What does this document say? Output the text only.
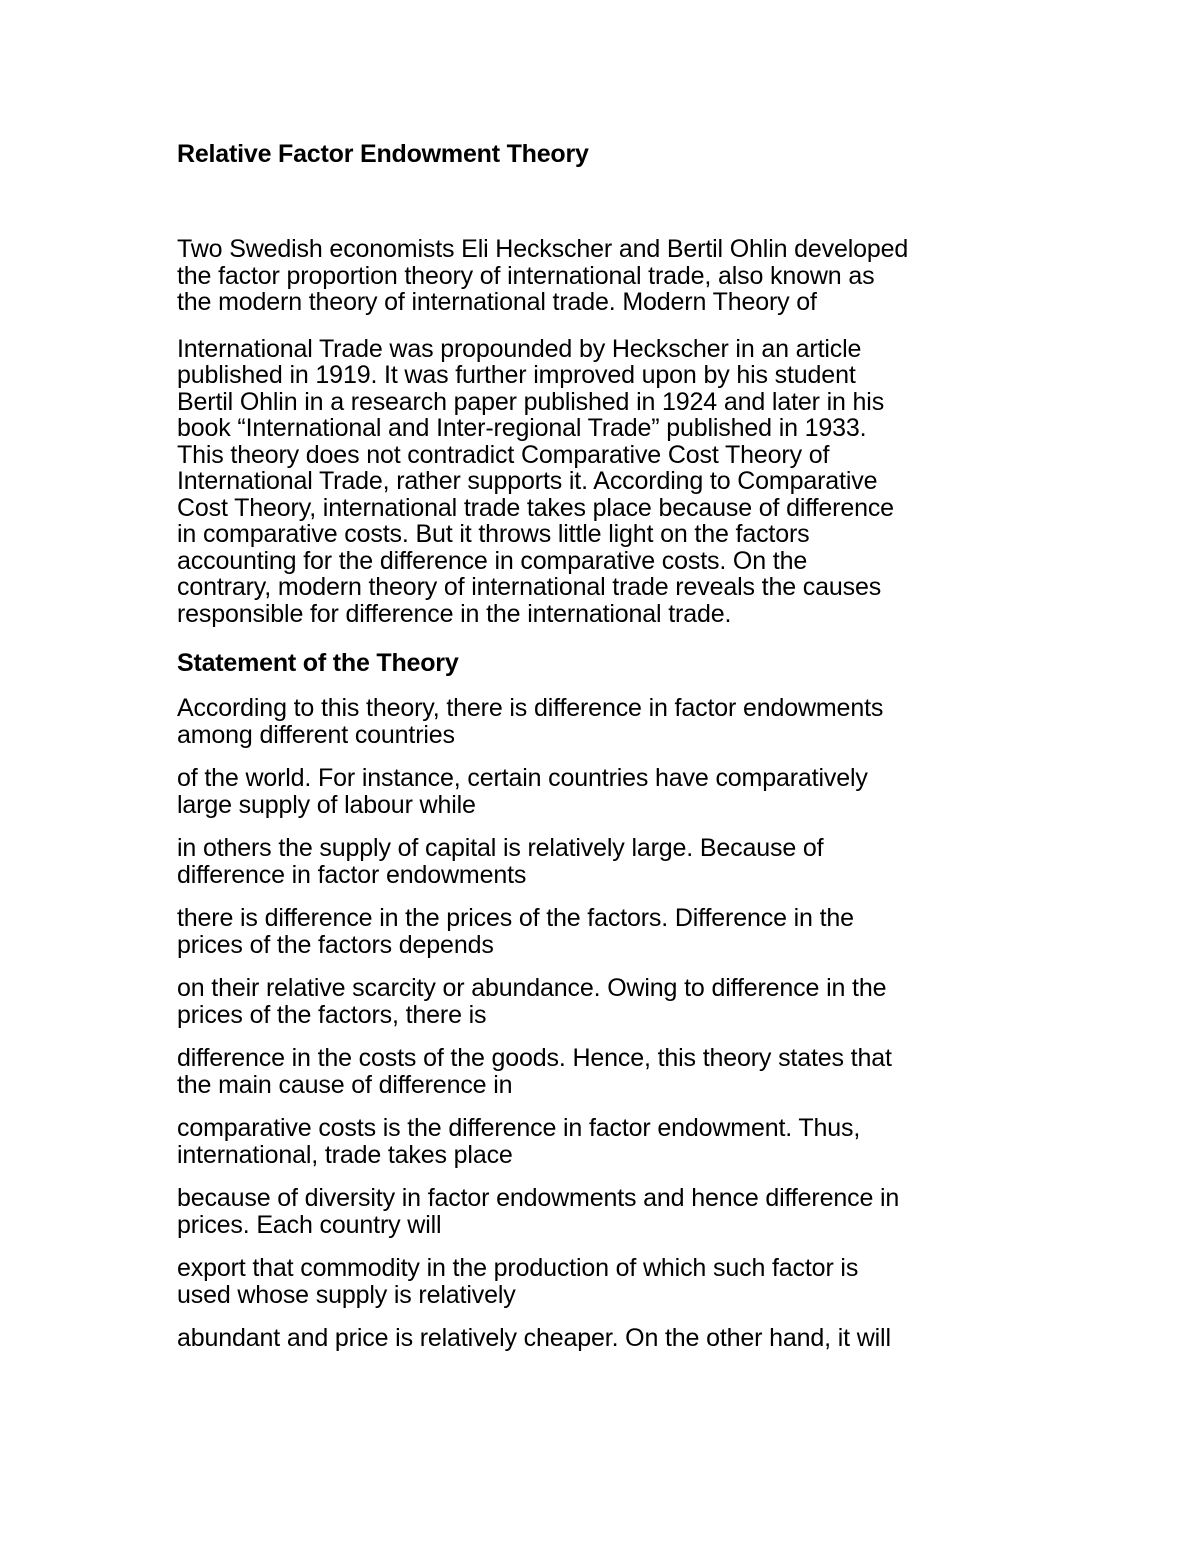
Relative Factor Endowment Theory

Two Swedish economists Eli Heckscher and Bertil Ohlin developed
the factor proportion theory of international trade, also known as
the modern theory of international trade. Modern Theory of

International Trade was propounded by Heckscher in an article
published in 1919. It was further improved upon by his student
Bertil Ohlin in a research paper published in 1924 and later in his
book “International and Inter-regional Trade” published in 1933.
This theory does not contradict Comparative Cost Theory of
International Trade, rather supports it. According to Comparative
Cost Theory, international trade takes place because of difference
in comparative costs. But it throws little light on the factors
accounting for the difference in comparative costs. On the
contrary, modern theory of international trade reveals the causes
responsible for difference in the international trade.

Statement of the Theory

According to this theory, there is difference in factor endowments
among different countries

of the world. For instance, certain countries have comparatively
large supply of labour while

in others the supply of capital is relatively large. Because of
difference in factor endowments

there is difference in the prices of the factors. Difference in the
prices of the factors depends

on their relative scarcity or abundance. Owing to difference in the
prices of the factors, there is

difference in the costs of the goods. Hence, this theory states that
the main cause of difference in

comparative costs is the difference in factor endowment. Thus,
international, trade takes place

because of diversity in factor endowments and hence difference in
prices. Each country will

export that commodity in the production of which such factor is
used whose supply is relatively

abundant and price is relatively cheaper. On the other hand, it will
